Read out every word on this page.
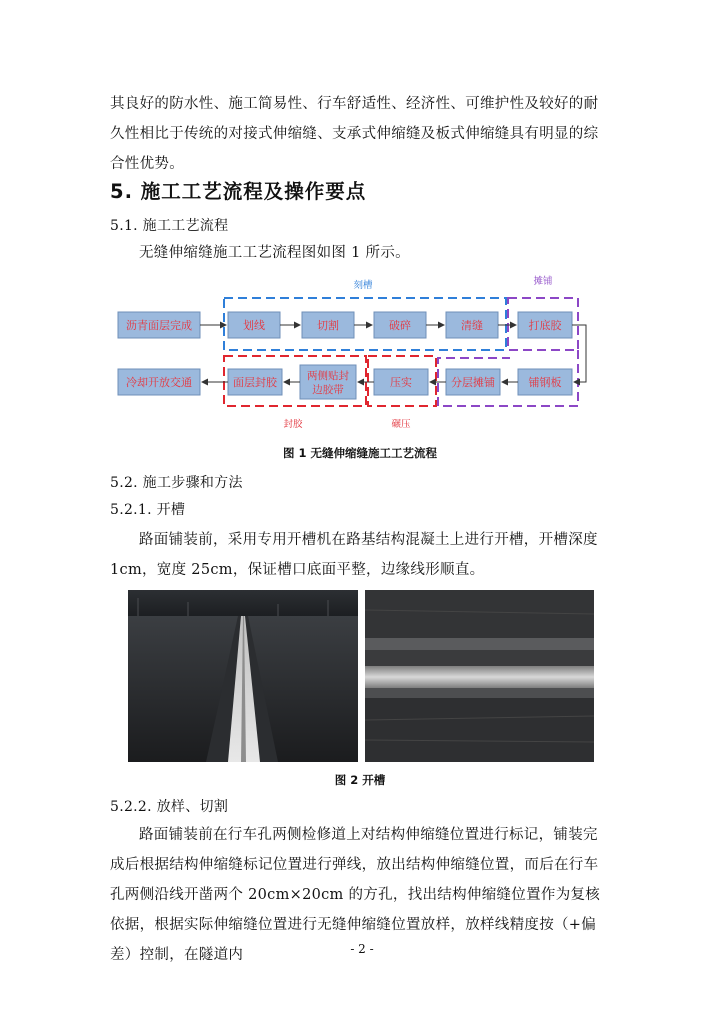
其良好的防水性、施工简易性、行车舒适性、经济性、可维护性及较好的耐久性相比于传统的对接式伸缩缝、支承式伸缩缝及板式伸缩缝具有明显的综合性优势。

5. 施工工艺流程及操作要点

5.1. 施工工艺流程

无缝伸缩缝施工工艺流程图如图 1 所示。

刻槽	摊铺
封胶	碾压
沥青面层完成
冷却开放交通
划线	切割	破碎	清缝	打底胶
铺钢板
分层摊铺
压实
两侧贴封
边胶带
面层封胶

图 1 无缝伸缩缝施工工艺流程

5.2. 施工步骤和方法

5.2.1. 开槽

路面铺装前，采用专用开槽机在路基结构混凝土上进行开槽，开槽深度 1cm，宽度 25cm，保证槽口底面平整，边缘线形顺直。

图 2 开槽

5.2.2. 放样、切割

路面铺装前在行车孔两侧检修道上对结构伸缩缝位置进行标记，铺装完成后根据结构伸缩缝标记位置进行弹线，放出结构伸缩缝位置，而后在行车孔两侧沿线开凿两个 20cm×20cm 的方孔，找出结构伸缩缝位置作为复核依据，根据实际伸缩缝位置进行无缝伸缩缝位置放样，放样线精度按（+偏差）控制，在隧道内	- 2 -
